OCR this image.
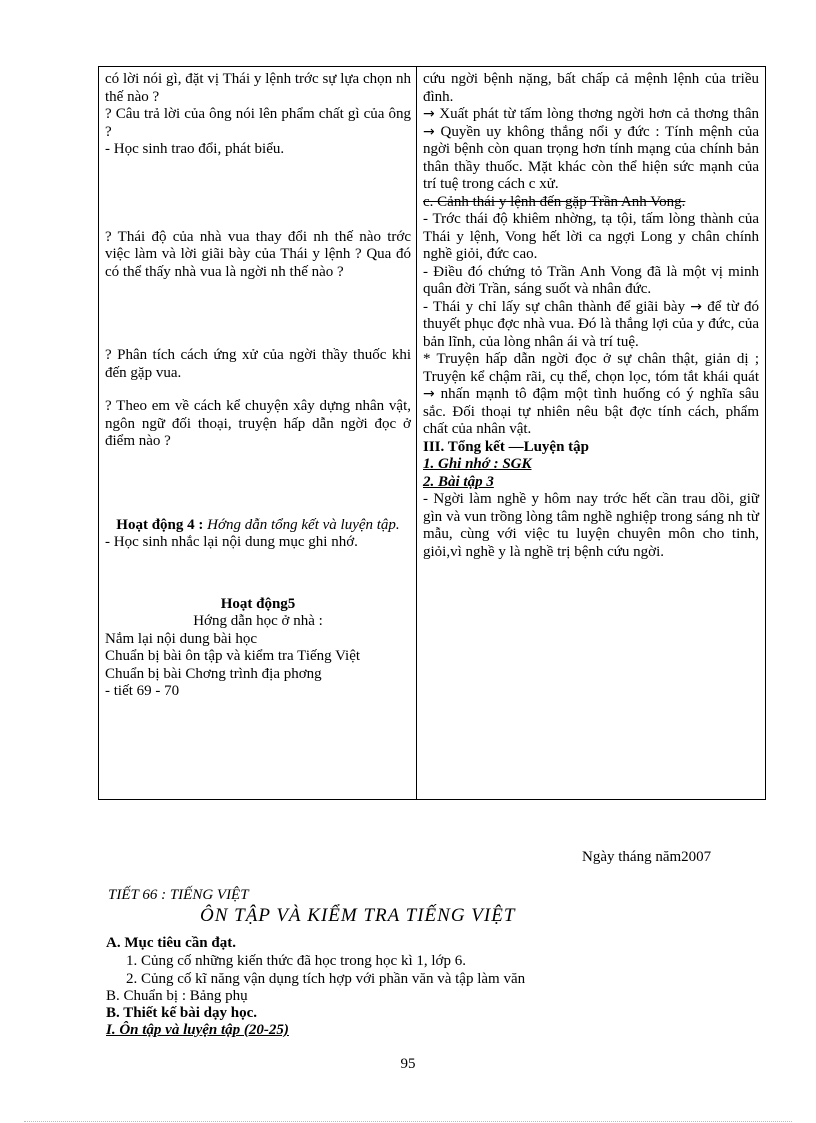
có lời nói gì, đặt vị Thái y lệnh trớc sự lựa chọn nh thế nào ?

? Câu trả lời của ông nói lên phẩm chất gì của ông ?

- Học sinh trao đổi, phát biểu.

? Thái độ của nhà vua thay đổi nh thế nào trớc việc làm và lời giãi bày của Thái y lệnh ? Qua đó có thể thấy nhà vua là ngời nh thế nào ?

? Phân tích cách ứng xử của ngời thầy thuốc khi đến gặp vua.

? Theo em về cách kể chuyện xây dựng nhân vật, ngôn ngữ đối thoại, truyện hấp dẫn ngời đọc ở điểm nào ?

Hoạt động 4 : Hớng dẫn tổng kết và luyện tập.

- Học sinh nhắc lại nội dung mục ghi nhớ.

Hoạt động5

Hớng dẫn học ở nhà :

Nắm lại nội dung bài học

Chuẩn bị bài ôn tập và kiểm tra Tiếng Việt

Chuẩn bị bài Chơng trình địa phơng

- tiết 69 - 70

cứu ngời bệnh nặng, bất chấp cả mệnh lệnh của triều đình.

→ Xuất phát từ tấm lòng thơng ngời hơn cả thơng thân → Quyền uy không thắng nổi y đức : Tính mệnh của ngời bệnh còn quan trọng hơn tính mạng của chính bản thân thầy thuốc. Mặt khác còn thể hiện sức mạnh của trí tuệ trong cách c xử.

c. Cảnh thái y lệnh đến gặp Trần Anh Vong.

- Trớc thái độ khiêm nhờng, tạ tội, tấm lòng thành của Thái y lệnh, Vong hết lời ca ngợi Long y chân chính nghề giỏi, đức cao.

- Điều đó chứng tỏ Trần Anh Vong đã là một vị minh quân đời Trần, sáng suốt và nhân đức.

- Thái y chỉ lấy sự chân thành để giãi bày → để từ đó thuyết phục đợc nhà vua. Đó là thắng lợi của y đức, của bản lĩnh, của lòng nhân ái và trí tuệ.

* Truyện hấp dẫn ngời đọc ở sự chân thật, giản dị ; Truyện kể chậm rãi, cụ thể, chọn lọc, tóm tắt khái quát → nhấn mạnh tô đậm một tình huống có ý nghĩa sâu sắc. Đối thoại tự nhiên nêu bật đợc tính cách, phẩm chất của nhân vật.

III. Tổng kết —Luyện tập

1. Ghi nhớ : SGK

2. Bài tập 3

- Ngời làm nghề y hôm nay trớc hết cần trau dồi, giữ gìn và vun trồng lòng tâm nghề nghiệp trong sáng nh từ mẫu, cùng với việc tu luyện chuyên môn cho tinh, giỏi,vì nghề y là nghề trị bệnh cứu ngời.

Ngày tháng năm2007
TIẾT 66 : TIẾNG VIỆT
ÔN TẬP VÀ KIỂM TRA TIẾNG VIỆT
A. Mục tiêu cần đạt.
1. Củng cố những kiến thức đã học trong học kì 1, lớp 6.
2. Củng cố kĩ năng vận dụng tích hợp với phần văn và tập làm văn
B. Chuẩn bị : Bảng phụ
B. Thiết kế bài dạy học.
I. Ôn tập và luyện tập (20-25)
95
